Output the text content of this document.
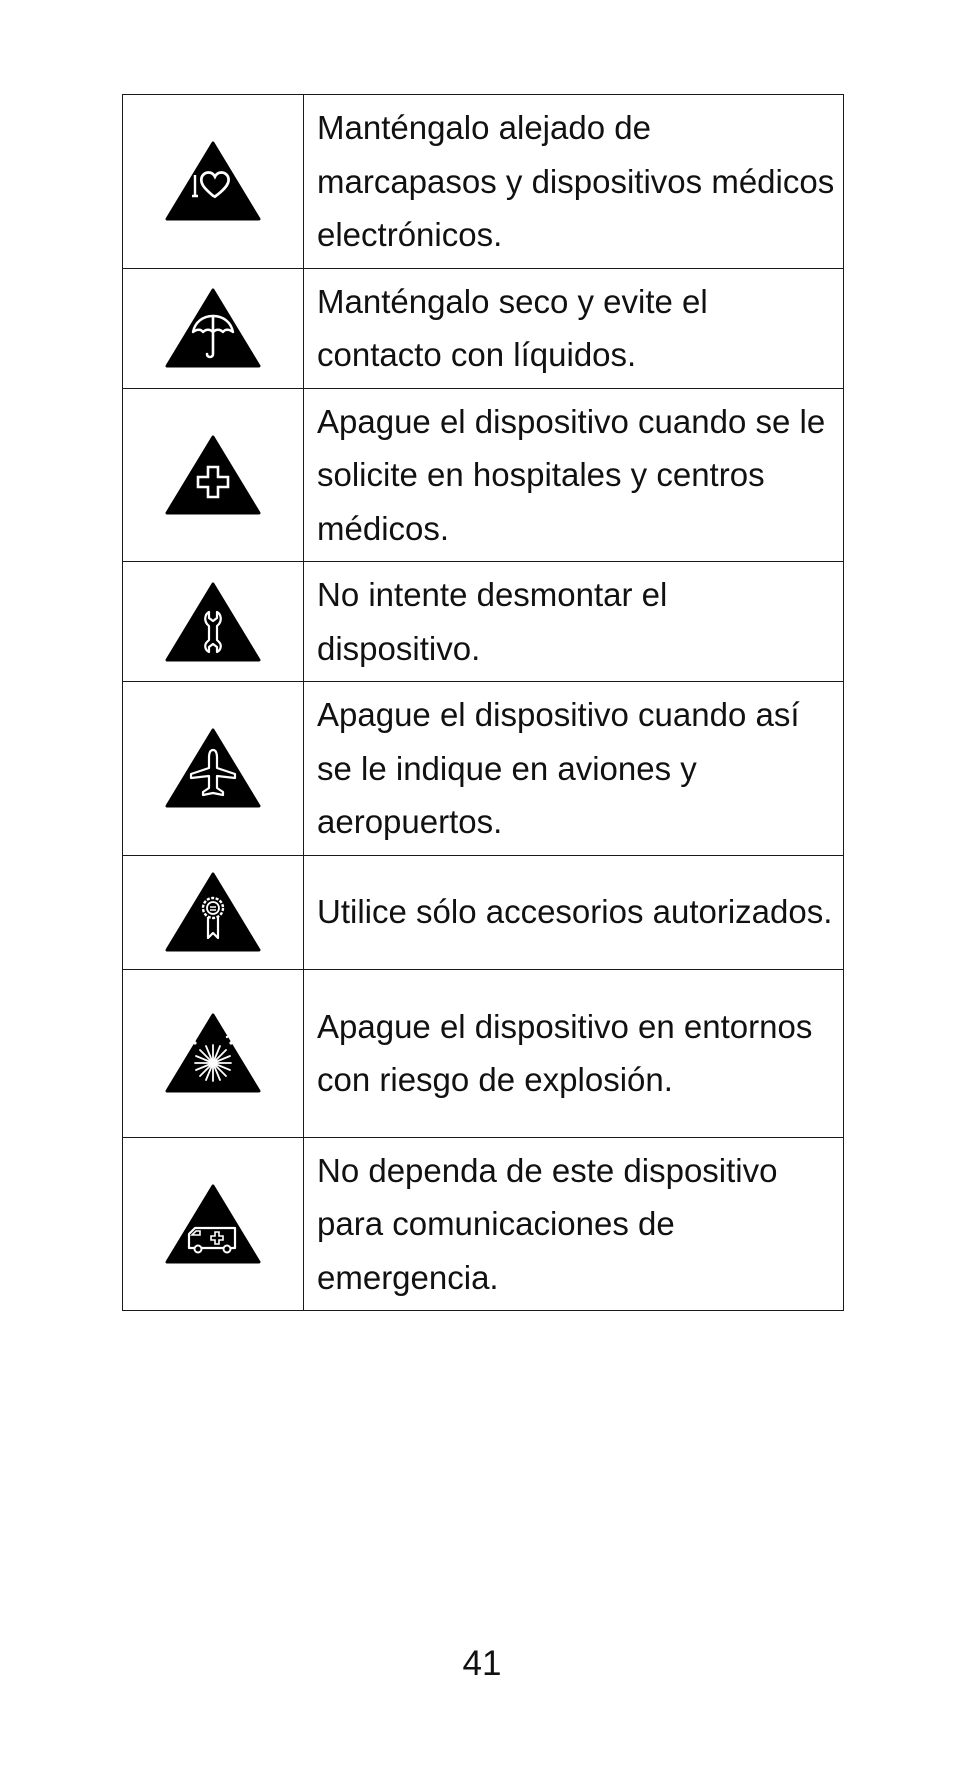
	Manténgalo alejado de marcapasos y dispositivos médicos electrónicos.

	Manténgalo seco y evite el contacto con líquidos.

	Apague el dispositivo cuando se le solicite en hospitales y centros médicos.

	No intente desmontar el dispositivo.

	Apague el dispositivo cuando así se le indique en aviones y aeropuertos.

	Utilice sólo accesorios autorizados.

	Apague el dispositivo en entornos con riesgo de explosión.

	No dependa de este dispositivo para comunicaciones de emergencia.
41
